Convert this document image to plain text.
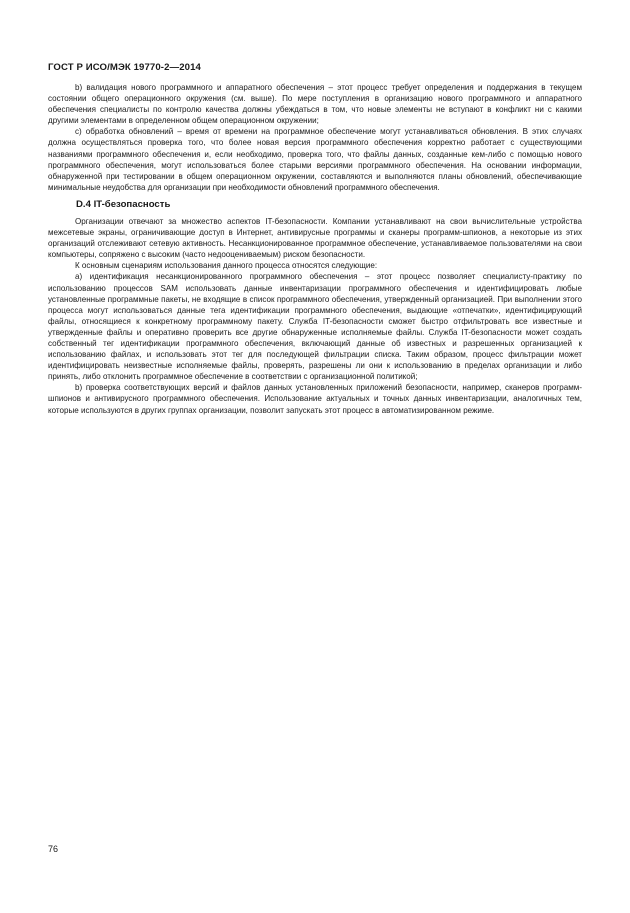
ГОСТ Р ИСО/МЭК 19770-2—2014

b) валидация нового программного и аппаратного обеспечения – этот процесс требует определения и поддержания в текущем состоянии общего операционного окружения (см. выше). По мере поступления в организацию нового программного и аппаратного обеспечения специалисты по контролю качества должны убеждаться в том, что новые элементы не вступают в конфликт ни с какими другими элементами в определенном общем операционном окружении;

c) обработка обновлений – время от времени на программное обеспечение могут устанавливаться обновления. В этих случаях должна осуществляться проверка того, что более новая версия программного обеспечения корректно работает с существующими названиями программного обеспечения и, если необходимо, проверка того, что файлы данных, созданные кем-либо с помощью нового программного обеспечения, могут использоваться более старыми версиями программного обеспечения. На основании информации, обнаруженной при тестировании в общем операционном окружении, составляются и выполняются планы обновлений, обеспечивающие минимальные неудобства для организации при необходимости обновлений программного обеспечения.

D.4 IT-безопасность

Организации отвечают за множество аспектов IT-безопасности. Компании устанавливают на свои вычислительные устройства межсетевые экраны, ограничивающие доступ в Интернет, антивирусные программы и сканеры программ-шпионов, а некоторые из этих организаций отслеживают сетевую активность. Несанкционированное программное обеспечение, устанавливаемое пользователями на свои компьютеры, сопряжено с высоким (часто недооцениваемым) риском безопасности.

К основным сценариям использования данного процесса относятся следующие:

а) идентификация несанкционированного программного обеспечения – этот процесс позволяет специалисту-практику по использованию процессов SAM использовать данные инвентаризации программного обеспечения и идентифицировать любые установленные программные пакеты, не входящие в список программного обеспечения, утвержденный организацией. При выполнении этого процесса могут использоваться данные тега идентификации программного обеспечения, выдающие «отпечатки», идентифицирующий файлы, относящиеся к конкретному программному пакету. Служба IT-безопасности сможет быстро отфильтровать все известные и утвержденные файлы и оперативно проверить все другие обнаруженные исполняемые файлы. Служба IT-безопасности может создать собственный тег идентификации программного обеспечения, включающий данные об известных и разрешенных организацией к использованию файлах, и использовать этот тег для последующей фильтрации списка. Таким образом, процесс фильтрации может идентифицировать неизвестные исполняемые файлы, проверять, разрешены ли они к использованию в пределах организации и либо принять, либо отклонить программное обеспечение в соответствии с организационной политикой;

b) проверка соответствующих версий и файлов данных установленных приложений безопасности, например, сканеров программ-шпионов и антивирусного программного обеспечения. Использование актуальных и точных данных инвентаризации, аналогичных тем, которые используются в других группах организации, позволит запускать этот процесс в автоматизированном режиме.

76
